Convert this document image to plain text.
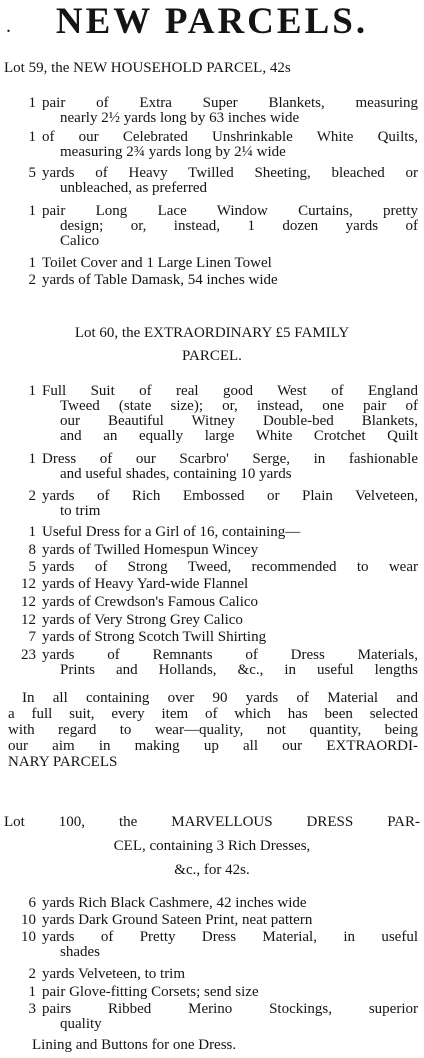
.	NEW PARCELS.
Lot 59, the NEW HOUSEHOLD PARCEL, 42s
1 pair of Extra Super Blankets, measuring
nearly 2½ yards long by 63 inches wide
1 of our Celebrated Unshrinkable White Quilts,
measuring 2¾ yards long by 2¼ wide
5 yards of Heavy Twilled Sheeting, bleached or
unbleached, as preferred
1 pair Long Lace Window Curtains, pretty
design; or, instead, 1 dozen yards of
Calico
1 Toilet Cover and 1 Large Linen Towel
2 yards of Table Damask, 54 inches wide
Lot 60, the EXTRAORDINARY £5 FAMILY
PARCEL.
1 Full Suit of real good West of England
Tweed (state size); or, instead, one pair of
our Beautiful Witney Double-bed Blankets,
and an equally large White Crotchet Quilt
1 Dress of our Scarbro' Serge, in fashionable
and useful shades, containing 10 yards
2 yards of Rich Embossed or Plain Velveteen,
to trim
1 Useful Dress for a Girl of 16, containing—
8 yards of Twilled Homespun Wincey
5 yards of Strong Tweed, recommended to wear
12 yards of Heavy Yard-wide Flannel
12 yards of Crewdson's Famous Calico
12 yards of Very Strong Grey Calico
7 yards of Strong Scotch Twill Shirting
23 yards of Remnants of Dress Materials,
Prints and Hollands, &c., in useful lengths
In all containing over 90 yards of Material and
a full suit, every item of which has been selected
with regard to wear—quality, not quantity, being
our aim in making up all our EXTRAORDI-
NARY PARCELS
Lot 100, the MARVELLOUS DRESS PAR-
CEL, containing 3 Rich Dresses,
&c., for 42s.
6 yards Rich Black Cashmere, 42 inches wide
10 yards Dark Ground Sateen Print, neat pattern
10 yards of Pretty Dress Material, in useful
shades
2 yards Velveteen, to trim
1 pair Glove-fitting Corsets; send size
3 pairs Ribbed Merino Stockings, superior
quality
Lining and Buttons for one Dress.
